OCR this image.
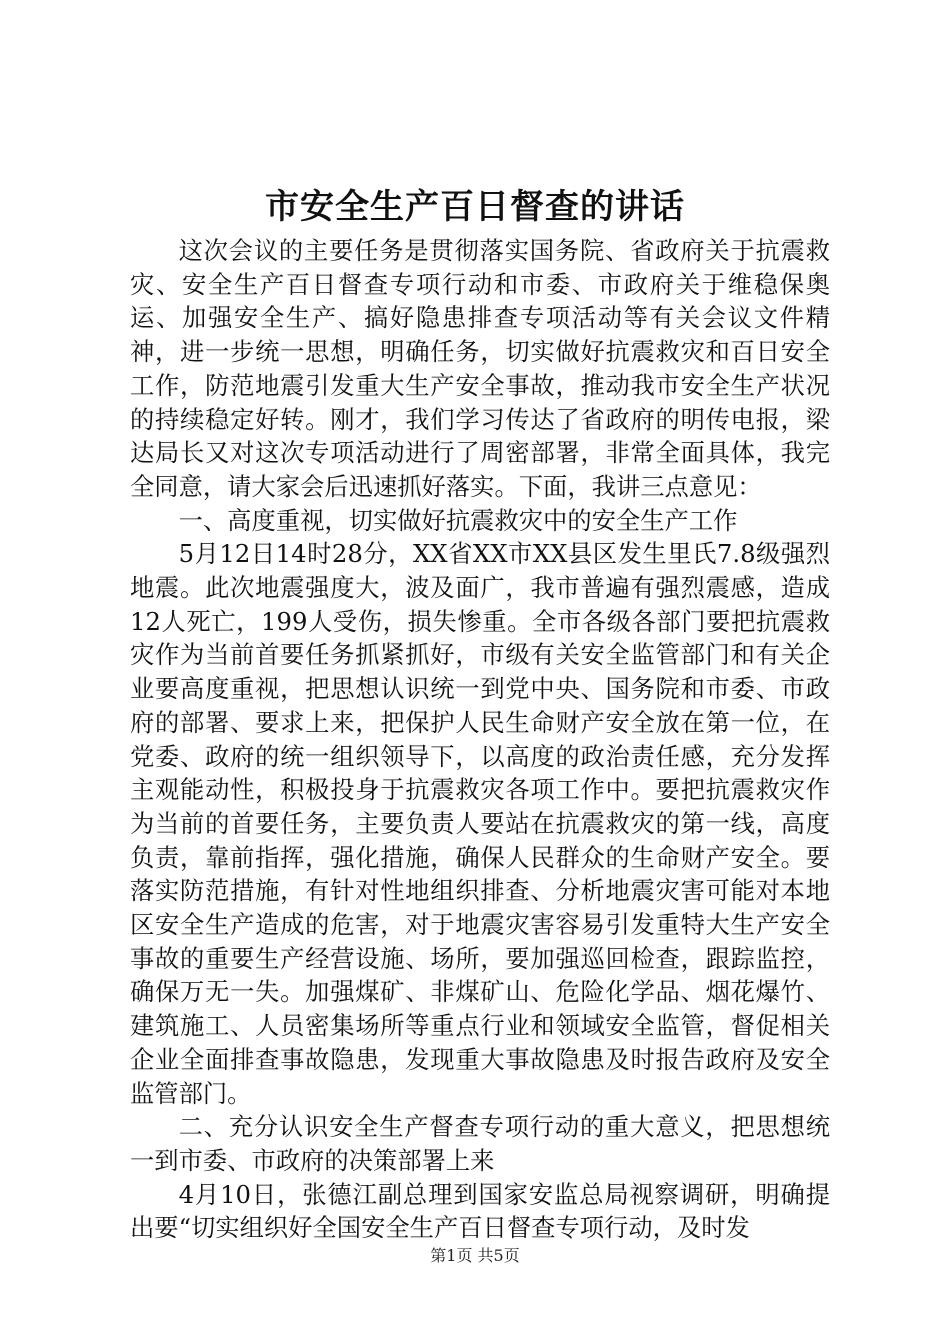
市安全生产百日督查的讲话

这次会议的主要任务是贯彻落实国务院、省政府关于抗震救灾、安全生产百日督查专项行动和市委、市政府关于维稳保奥运、加强安全生产、搞好隐患排查专项活动等有关会议文件精神，进一步统一思想，明确任务，切实做好抗震救灾和百日安全工作，防范地震引发重大生产安全事故，推动我市安全生产状况的持续稳定好转。刚才，我们学习传达了省政府的明传电报，梁达局长又对这次专项活动进行了周密部署，非常全面具体，我完全同意，请大家会后迅速抓好落实。下面，我讲三点意见：

一、高度重视，切实做好抗震救灾中的安全生产工作

5月12日14时28分，XX省XX市XX县区发生里氏7.8级强烈地震。此次地震强度大，波及面广，我市普遍有强烈震感，造成12人死亡，199人受伤，损失惨重。全市各级各部门要把抗震救灾作为当前首要任务抓紧抓好，市级有关安全监管部门和有关企业要高度重视，把思想认识统一到党中央、国务院和市委、市政府的部署、要求上来，把保护人民生命财产安全放在第一位，在党委、政府的统一组织领导下，以高度的政治责任感，充分发挥主观能动性，积极投身于抗震救灾各项工作中。要把抗震救灾作为当前的首要任务，主要负责人要站在抗震救灾的第一线，高度负责，靠前指挥，强化措施，确保人民群众的生命财产安全。要落实防范措施，有针对性地组织排查、分析地震灾害可能对本地区安全生产造成的危害，对于地震灾害容易引发重特大生产安全事故的重要生产经营设施、场所，要加强巡回检查，跟踪监控，确保万无一失。加强煤矿、非煤矿山、危险化学品、烟花爆竹、建筑施工、人员密集场所等重点行业和领域安全监管，督促相关企业全面排查事故隐患，发现重大事故隐患及时报告政府及安全监管部门。

二、充分认识安全生产督查专项行动的重大意义，把思想统一到市委、市政府的决策部署上来

4月10日，张德江副总理到国家安监总局视察调研，明确提出要“切实组织好全国安全生产百日督查专项行动，及时发

第1页 共5页
